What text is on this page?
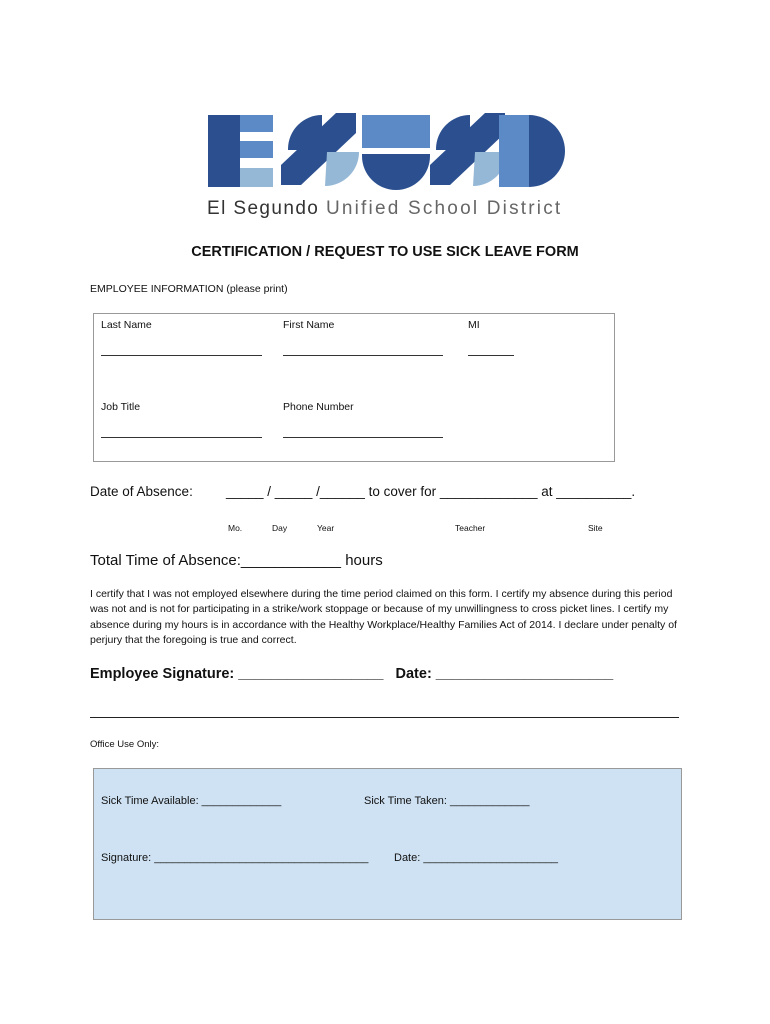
El Segundo Unified School District
CERTIFICATION / REQUEST TO USE SICK LEAVE FORM
EMPLOYEE INFORMATION (please print)
Last Name	First Name	MI
Job Title	Phone Number
Date of Absence: _____ / _____ /______ to cover for _____________ at __________.
Mo.	Day	Year	Teacher	Site
Total Time of Absence:____________ hours
I certify that I was not employed elsewhere during the time period claimed on this form. I certify my absence during this period was not and is not for participating in a strike/work stoppage or because of my unwillingness to cross picket lines. I certify my absence during my hours is in accordance with the Healthy Workplace/Healthy Families Act of 2014. I declare under penalty of perjury that the foregoing is true and correct.
Employee Signature: __________________ Date: ______________________
Office Use Only:
Sick Time Available: _____________	Sick Time Taken: _____________
Signature: ___________________________________ Date: ______________________
